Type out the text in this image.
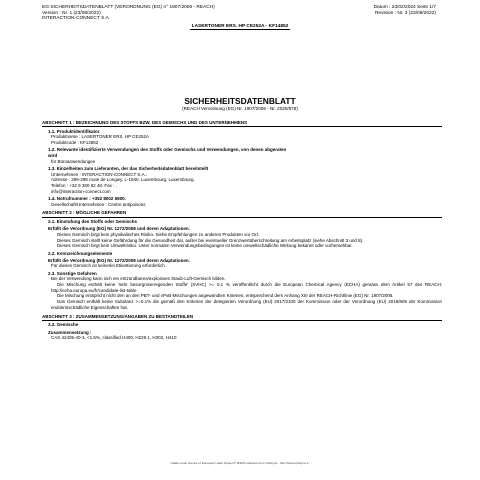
EG-SICHERHEITSDATENBLATT (VERORDNUNG (EG) n° 1907/2006 - REACH)
Version : Nr. 1 (23/08/2022)
INTERACTION-CONNECT S.A.
Datum : 23/02/2024 Seite 1/7
Revision : Nr. 3 (23/08/2022)
LASERTONER ERS. HP CE252A - KF14852
SICHERHEITSDATENBLATT
(REACH Verordnung (EG) Nr. 1907/2006 - Nr. 2020/878)
ABSCHNITT 1 : BEZEICHNUNG DES STOFFS BZW. DES GEMISCHS UND DES UNTERNEHMENS
1.1. Produktidentifikator
Produktname : LASERTONER ERS. HP CE252A
Produktcode : KF14852
1.2. Relevante identifizierte Verwendungen des Stoffs oder Gemischs und Verwendungen, von denen abgeraten
wird
für Büroanwendungen
1.3. Einzelheiten zum Lieferanten, der das Sicherheitsdatenblatt bereitstellt
Unternehmen : INTERACTION-CONNECT S.A..
Adresse : 296-298 route de Longwy, L-1940, Luxembourg, Luxembourg.
Telefon : +32 9 380 82 48. Fax : .
info@interaction-connect.com
1.4. Notrufnummer : +352 8002 5500.
Gesellschaft/Unternehmen : Centre antipoisons
ABSCHNITT 2 : MÖGLICHE GEFAHREN
2.1. Einstufung des Stoffs oder Gemischs
Erfüllt die Verordnung (EG) Nr. 1272/2008 und deren Adaptationen.
Dieses Gemisch birgt kein physikalisches Risiko. Siehe Empfehlungen zu anderen Produkten vor Ort.
Dieses Gemisch stellt keine Gefährdung für die Gesundheit dar, außer bei eventueller Grenzwertüberschreitung am Arbeitsplatz (siehe Abschnitt 3 und 8).
Dieses Gemisch birgt kein Umweltrisiko. Unter normalen Verwendungsbedingungen ist keine umweltschädliche Wirkung bekannt oder vorhersehbar.
2.2. Kennzeichnungselemente
Erfüllt die Verordnung (EG) Nr. 1272/2008 und deren Adaptationen.
Für dieses Gemisch ist keinerlei Etikettierung erforderlich.
2.3. Sonstige Gefahren
Bei der Verwendung kann sich ein entzündbares/explosives Staub-Luft-Gemisch bilden.
Die Mischung enthält keine 'sehr besorgniserregenden Stoffe' (SVHC) >= 0,1 % veröffentlicht durch die European Chemical Agency (ECHA) gemäss dem Artikel 57 des REACH: http://echa.europa.eu/fr/candidate-list-table
Die Mischung entspricht nicht den an den PBT- und vPvB-Mischungen angewandten Kriterien, entsprechend dem Anhang XIII der REACH-Richtlinie (EG) Nr. 1907/2006.
Das Gemisch enthält keine Substanz >=0.1% die gemäß den Kriterien der delegierten Verordnung (EU) 2017/2100 der Kommission oder der Verordnung (EU) 2018/605 der Kommission endokrinschädliche Eigenschaften hat.
ABSCHNITT 3 : ZUSAMMENSETZUNG/ANGABEN ZU BESTANDTEILEN
3.2. Gemische
Zusammensetzung :
CAS 42405-40-3, <1.5%, classified H400, H228.1, H302, H410
- Made under licence of European Label System® MSDS software from InfoDyne - http://www.infodyne.fr -
